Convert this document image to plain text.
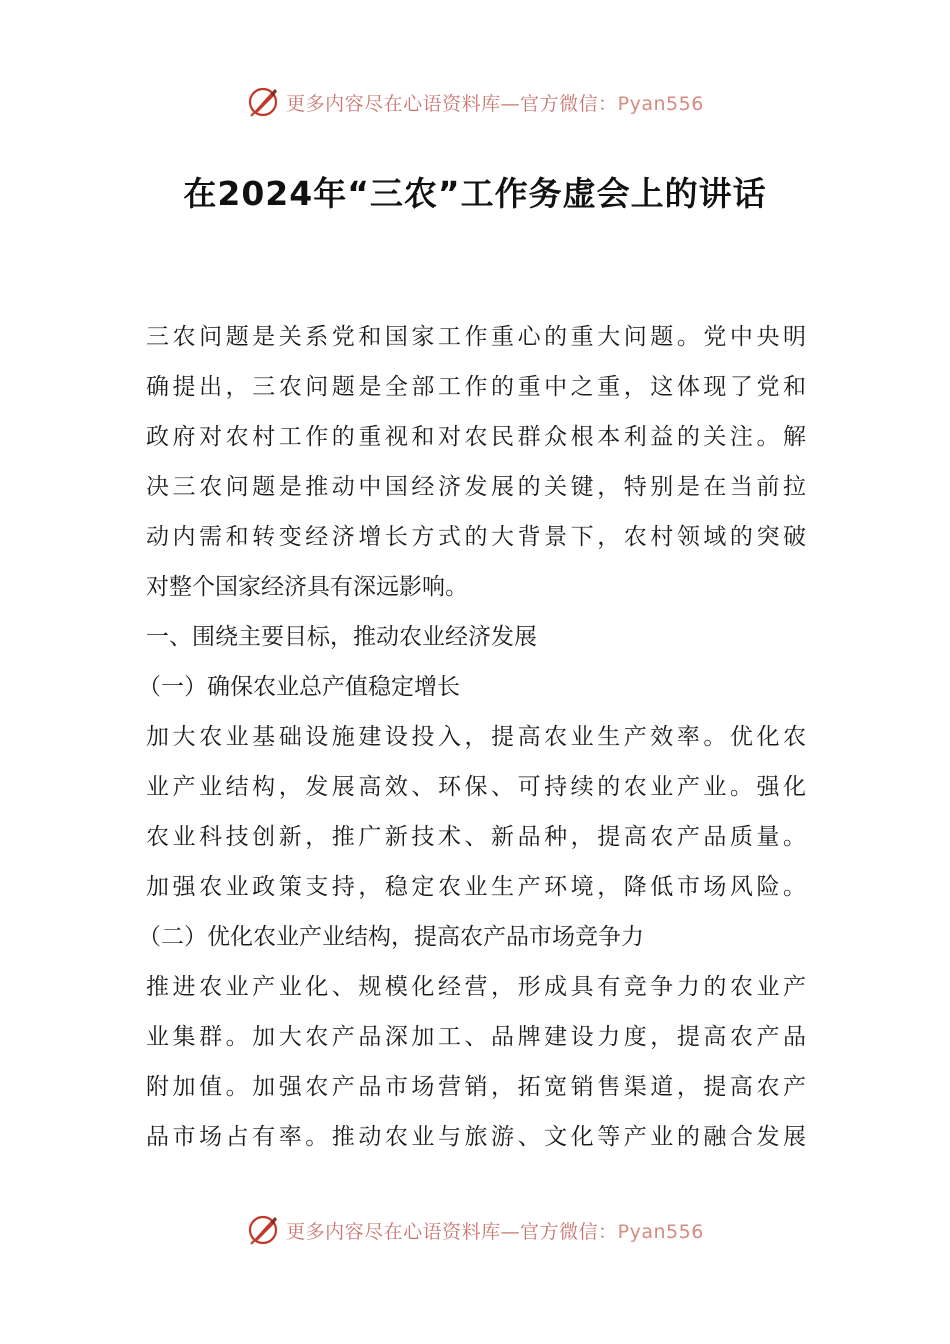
更多内容尽在心语资料库—官方微信：Pyan556
在2024年“三农”工作务虚会上的讲话
三农问题是关系党和国家工作重心的重大问题。党中央明
确提出，三农问题是全部工作的重中之重，这体现了党和
政府对农村工作的重视和对农民群众根本利益的关注。解
决三农问题是推动中国经济发展的关键，特别是在当前拉
动内需和转变经济增长方式的大背景下，农村领域的突破
对整个国家经济具有深远影响。
一、围绕主要目标，推动农业经济发展
（一）确保农业总产值稳定增长
加大农业基础设施建设投入，提高农业生产效率。优化农
业产业结构，发展高效、环保、可持续的农业产业。强化
农业科技创新，推广新技术、新品种，提高农产品质量。
加强农业政策支持，稳定农业生产环境，降低市场风险。
（二）优化农业产业结构，提高农产品市场竞争力
推进农业产业化、规模化经营，形成具有竞争力的农业产
业集群。加大农产品深加工、品牌建设力度，提高农产品
附加值。加强农产品市场营销，拓宽销售渠道，提高农产
品市场占有率。推动农业与旅游、文化等产业的融合发展
更多内容尽在心语资料库—官方微信：Pyan556
